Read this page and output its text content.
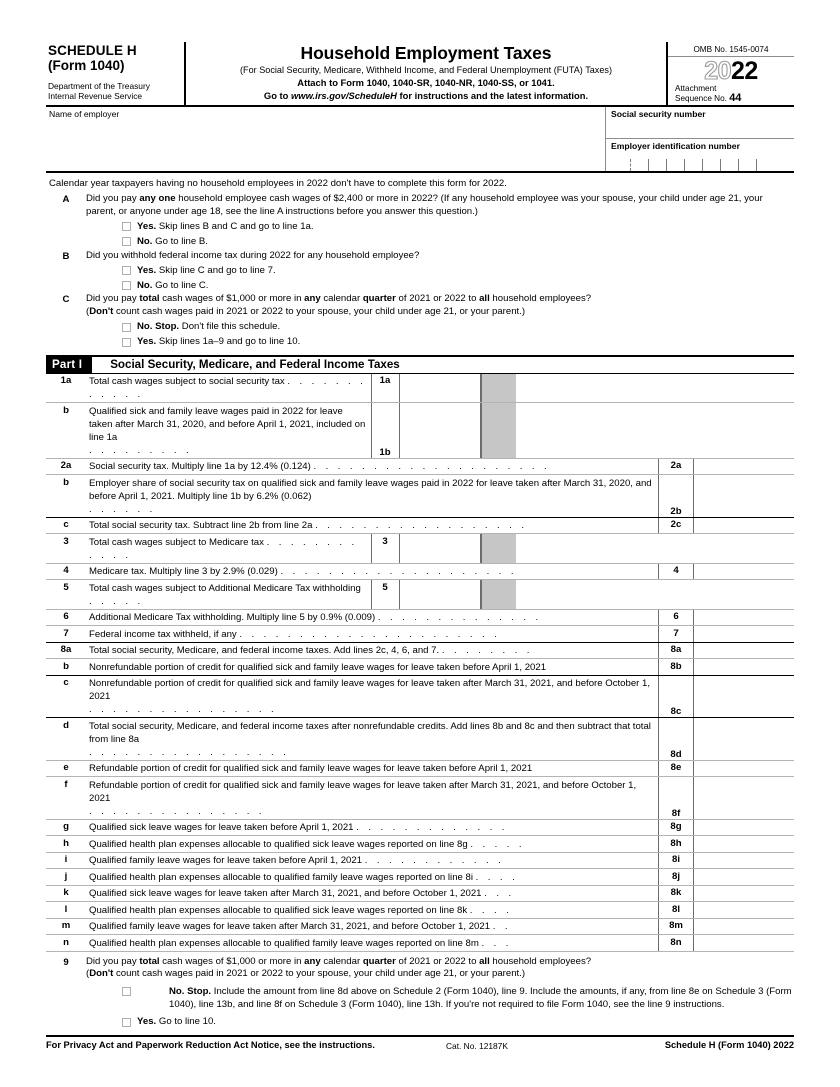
SCHEDULE H
(Form 1040)
Department of the Treasury
Internal Revenue Service
Household Employment Taxes
(For Social Security, Medicare, Withheld Income, and Federal Unemployment (FUTA) Taxes)
Attach to Form 1040, 1040-SR, 1040-NR, 1040-SS, or 1041.
Go to www.irs.gov/ScheduleH for instructions and the latest information.
OMB No. 1545-0074
2022
Attachment
Sequence No. 44
Name of employer	Social security number
Employer identification number
Calendar year taxpayers having no household employees in 2022 don't have to complete this form for 2022.
A	Did you pay any one household employee cash wages of $2,400 or more in 2022? (If any household employee was your spouse, your child under age 21, your parent, or anyone under age 18, see the line A instructions before you answer this question.)
Yes. Skip lines B and C and go to line 1a.
No. Go to line B.
B	Did you withhold federal income tax during 2022 for any household employee?
Yes. Skip line C and go to line 7.
No. Go to line C.
C	Did you pay total cash wages of $1,000 or more in any calendar quarter of 2021 or 2022 to all household employees?
(Don't count cash wages paid in 2021 or 2022 to your spouse, your child under age 21, or your parent.)
No. Stop. Don't file this schedule.
Yes. Skip lines 1a–9 and go to line 10.
Part I	Social Security, Medicare, and Federal Income Taxes
1a	Total cash wages subject to social security tax . . . . . . . . . . . .
1a
b	Qualified sick and family leave wages paid in 2022 for leave taken after March 31, 2020, and before April 1, 2021, included on line 1a
. . . . . . . . .	1b
2a	Social security tax. Multiply line 1a by 12.4% (0.124) . . . . . . . . . . . . . . . . . . . .	2a
b	Employer share of social security tax on qualified sick and family leave wages paid in 2022 for leave taken after March 31, 2020, and before April 1, 2021. Multiply line 1b by 6.2% (0.062)
. . . . . .	2b
c	Total social security tax. Subtract line 2b from line 2a . . . . . . . . . . . . . . . . . .	2c
3	Total cash wages subject to Medicare tax . . . . . . . . . . . .
3
4	Medicare tax. Multiply line 3 by 2.9% (0.029) . . . . . . . . . . . . . . . . . . . .	4
5	Total cash wages subject to Additional Medicare Tax withholding . . . . .
5
6	Additional Medicare Tax withholding. Multiply line 5 by 0.9% (0.009) . . . . . . . . . . . . . .	6
7	Federal income tax withheld, if any . . . . . . . . . . . . . . . . . . . . . .	7
8a	Total social security, Medicare, and federal income taxes. Add lines 2c, 4, 6, and 7. . . . . . . . .	8a
b	Nonrefundable portion of credit for qualified sick and family leave wages for leave taken before April 1, 2021	8b
c	Nonrefundable portion of credit for qualified sick and family leave wages for leave taken after March 31, 2021, and before October 1, 2021
. . . . . . . . . . . . . . . .	8c
d	Total social security, Medicare, and federal income taxes after nonrefundable credits. Add lines 8b and 8c and then subtract that total from line 8a
. . . . . . . . . . . . . . . . .	8d
e	Refundable portion of credit for qualified sick and family leave wages for leave taken before April 1, 2021	8e
f	Refundable portion of credit for qualified sick and family leave wages for leave taken after March 31, 2021, and before October 1, 2021
. . . . . . . . . . . . . . .	8f
g	Qualified sick leave wages for leave taken before April 1, 2021 . . . . . . . . . . . . .	8g
h	Qualified health plan expenses allocable to qualified sick leave wages reported on line 8g . . . . .	8h
i	Qualified family leave wages for leave taken before April 1, 2021 . . . . . . . . . . . .	8i
j	Qualified health plan expenses allocable to qualified family leave wages reported on line 8i . . . .	8j
k	Qualified sick leave wages for leave taken after March 31, 2021, and before October 1, 2021 . . .	8k
l	Qualified health plan expenses allocable to qualified sick leave wages reported on line 8k . . . .	8l
m	Qualified family leave wages for leave taken after March 31, 2021, and before October 1, 2021 . .	8m
n	Qualified health plan expenses allocable to qualified family leave wages reported on line 8m . . .	8n
9	Did you pay total cash wages of $1,000 or more in any calendar quarter of 2021 or 2022 to all household employees?
(Don't count cash wages paid in 2021 or 2022 to your spouse, your child under age 21, or your parent.)
No. Stop. Include the amount from line 8d above on Schedule 2 (Form 1040), line 9. Include the amounts, if any, from line 8e on Schedule 3 (Form 1040), line 13b, and line 8f on Schedule 3 (Form 1040), line 13h. If you're not required to file Form 1040, see the line 9 instructions.
Yes. Go to line 10.
For Privacy Act and Paperwork Reduction Act Notice, see the instructions.	Cat. No. 12187K	Schedule H (Form 1040) 2022
